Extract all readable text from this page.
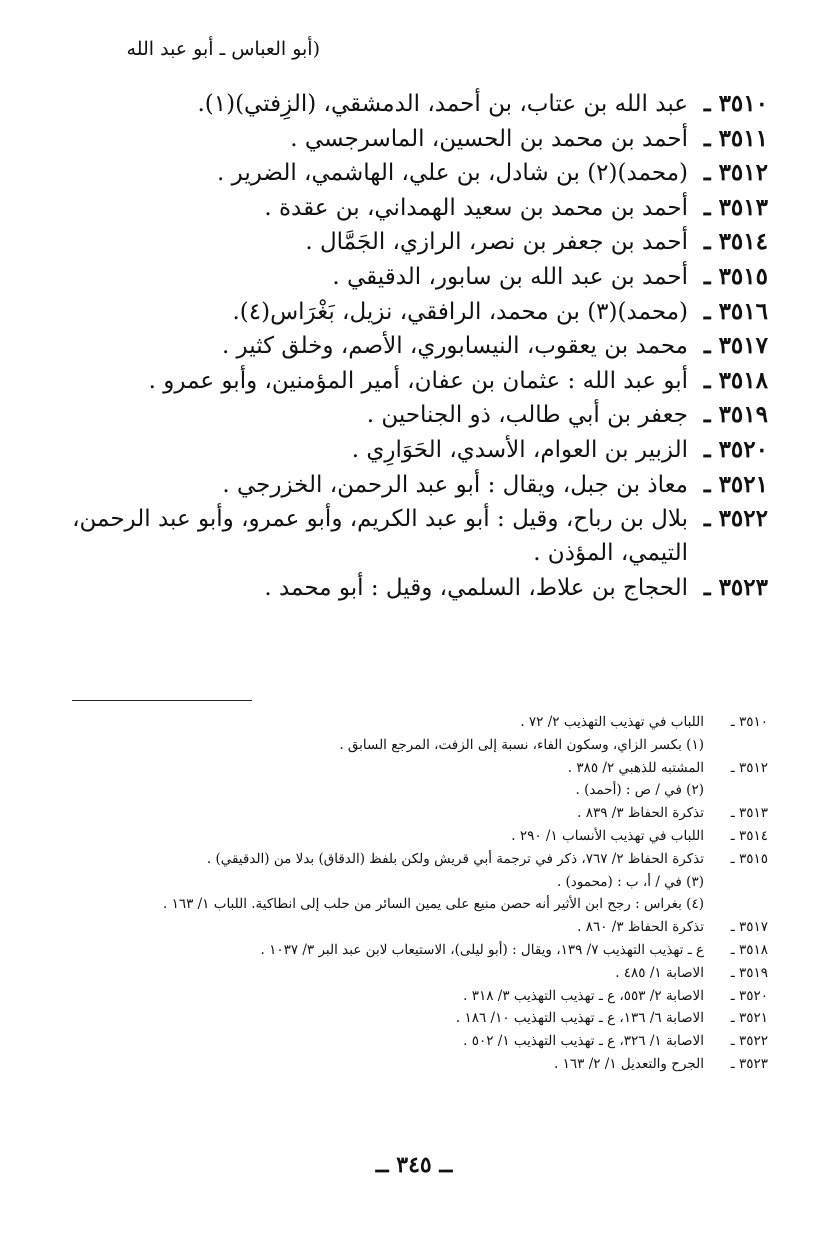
(أبو العباس ـ أبو عبد الله
٣٥١٠ ـ
عبد الله بن عتاب، بن أحمد، الدمشقي، (الزِفتي)(١).
٣٥١١ ـ
أحمد بن محمد بن الحسين، الماسرجسي .
٣٥١٢ ـ
(محمد)(٢) بن شادل، بن علي، الهاشمي، الضرير .
٣٥١٣ ـ
أحمد بن محمد بن سعيد الهمداني، بن عقدة .
٣٥١٤ ـ
أحمد بن جعفر بن نصر، الرازي، الجَمَّال .
٣٥١٥ ـ
أحمد بن عبد الله بن سابور، الدقيقي .
٣٥١٦ ـ
(محمد)(٣) بن محمد، الرافقي، نزيل، بَغْرَاس(٤).
٣٥١٧ ـ
محمد بن يعقوب، النيسابوري، الأصم، وخلق كثير .
٣٥١٨ ـ
أبو عبد الله : عثمان بن عفان، أمير المؤمنين، وأبو عمرو .
٣٥١٩ ـ
جعفر بن أبي طالب، ذو الجناحين .
٣٥٢٠ ـ
الزبير بن العوام، الأسدي، الحَوَارِي .
٣٥٢١ ـ
معاذ بن جبل، ويقال : أبو عبد الرحمن، الخزرجي .
٣٥٢٢ ـ
بلال بن رباح، وقيل : أبو عبد الكريم، وأبو عمرو، وأبو عبد الرحمن،
التيمي، المؤذن .
٣٥٢٣ ـ
الحجاج بن علاط، السلمي، وقيل : أبو محمد .
٣٥١٠ ـ
اللباب في تهذيب التهذيب ٢/ ٧٢ .
(١) بكسر الزاي، وسكون الفاء، نسبة إلى الزفت، المرجع السابق .
٣٥١٢ ـ
المشتبه للذهبي ٢/ ٣٨٥ .
(٢) في / ص : (أحمد) .
٣٥١٣ ـ
تذكرة الحفاظ ٣/ ٨٣٩ .
٣٥١٤ ـ
اللباب في تهذيب الأنساب ١/ ٢٩٠ .
٣٥١٥ ـ
تذكرة الحفاظ ٢/ ٧٦٧، ذكر في ترجمة أبي قريش ولكن بلفظ (الدقاق) بدلا من (الدقيقي) .
(٣) في / أ، ب : (محمود) .
(٤) بغراس : رجح ابن الأثير أنه حصن منيع على يمين السائر من حلب إلى انطاكية. اللباب ١/ ١٦٣ .
٣٥١٧ ـ
تذكرة الحفاظ ٣/ ٨٦٠ .
٣٥١٨ ـ
ع ـ تهذيب التهذيب ٧/ ١٣٩، ويقال : (أبو ليلى)، الاستيعاب لابن عبد البر ٣/ ١٠٣٧ .
٣٥١٩ ـ
الاصابة ١/ ٤٨٥ .
٣٥٢٠ ـ
الاصابة ٢/ ٥٥٣، ع ـ تهذيب التهذيب ٣/ ٣١٨ .
٣٥٢١ ـ
الاصابة ٦/ ١٣٦، ع ـ تهذيب التهذيب ١٠/ ١٨٦ .
٣٥٢٢ ـ
الاصابة ١/ ٣٢٦، ع ـ تهذيب التهذيب ١/ ٥٠٢ .
٣٥٢٣ ـ
الجرح والتعديل ١/ ٢/ ١٦٣ .
ــ ٣٤٥ ــ
